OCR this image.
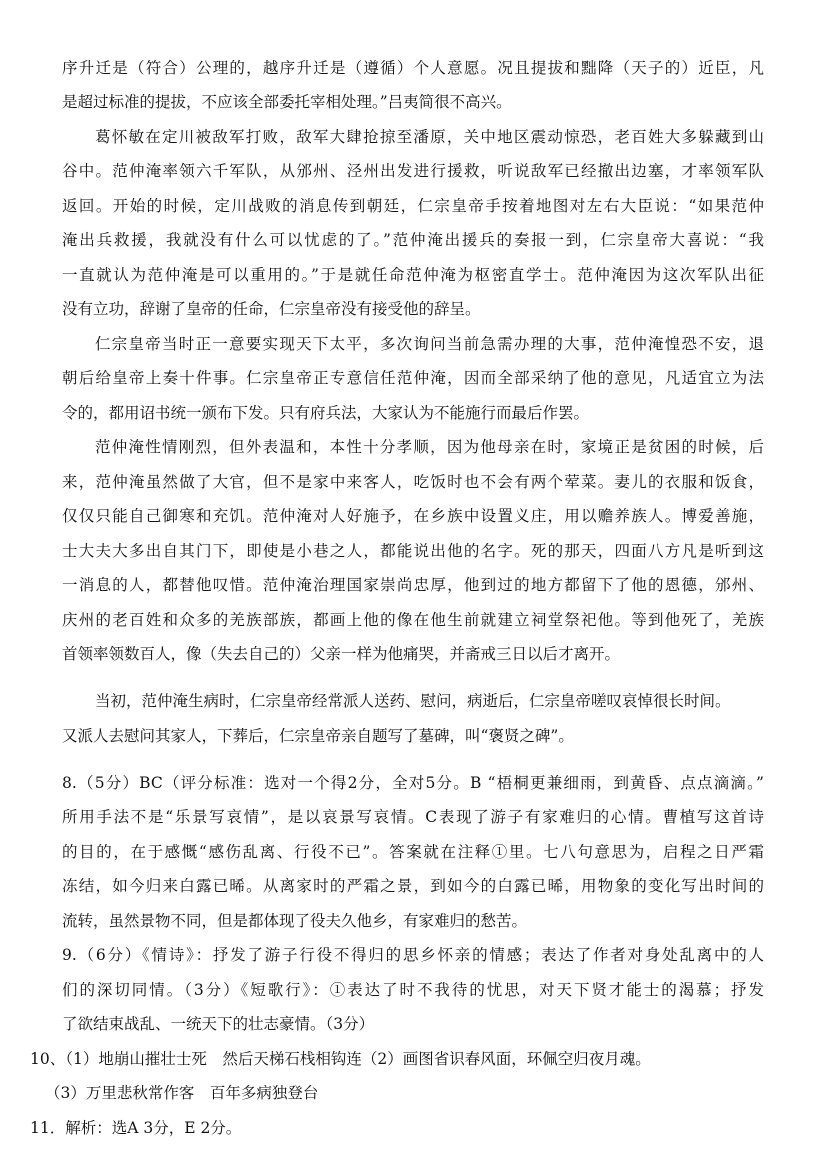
序升迁是（符合）公理的，越序升迁是（遵循）个人意愿。况且提拔和黜降（天子的）近臣，凡
是超过标准的提拔，不应该全部委托宰相处理。”吕夷简很不高兴。
葛怀敏在定川被敌军打败，敌军大肆抢掠至潘原，关中地区震动惊恐，老百姓大多躲藏到山
谷中。范仲淹率领六千军队，从邠州、泾州出发进行援救，听说敌军已经撤出边塞，才率领军队
返回。开始的时候，定川战败的消息传到朝廷，仁宗皇帝手按着地图对左右大臣说：“如果范仲
淹出兵救援，我就没有什么可以忧虑的了。”范仲淹出援兵的奏报一到，仁宗皇帝大喜说：“我
一直就认为范仲淹是可以重用的。”于是就任命范仲淹为枢密直学士。范仲淹因为这次军队出征
没有立功，辞谢了皇帝的任命，仁宗皇帝没有接受他的辞呈。
仁宗皇帝当时正一意要实现天下太平，多次询问当前急需办理的大事，范仲淹惶恐不安，退
朝后给皇帝上奏十件事。仁宗皇帝正专意信任范仲淹，因而全部采纳了他的意见，凡适宜立为法
令的，都用诏书统一颁布下发。只有府兵法，大家认为不能施行而最后作罢。
范仲淹性情刚烈，但外表温和，本性十分孝顺，因为他母亲在时，家境正是贫困的时候，后
来，范仲淹虽然做了大官，但不是家中来客人，吃饭时也不会有两个荤菜。妻儿的衣服和饭食，
仅仅只能自己御寒和充饥。范仲淹对人好施予，在乡族中设置义庄，用以赡养族人。博爱善施，
士大夫大多出自其门下，即使是小巷之人，都能说出他的名字。死的那天，四面八方凡是听到这
一消息的人，都替他叹惜。范仲淹治理国家崇尚忠厚，他到过的地方都留下了他的恩德，邠州、
庆州的老百姓和众多的羌族部族，都画上他的像在他生前就建立祠堂祭祀他。等到他死了，羌族
首领率领数百人，像（失去自己的）父亲一样为他痛哭，并斋戒三日以后才离开。
当初，范仲淹生病时，仁宗皇帝经常派人送药、慰问，病逝后，仁宗皇帝嗟叹哀悼很长时间。
又派人去慰问其家人，下葬后，仁宗皇帝亲自题写了墓碑，叫“褒贤之碑”。
8.（5分）BC（评分标准：选对一个得2分，全对5分。B “梧桐更兼细雨，到黄昏、点点滴滴。”
所用手法不是“乐景写哀情”，是以哀景写哀情。C表现了游子有家难归的心情。曹植写这首诗
的目的，在于感慨“感伤乱离、行役不已”。答案就在注释①里。七八句意思为，启程之日严霜
冻结，如今归来白露已晞。从离家时的严霜之景，到如今的白露已晞，用物象的变化写出时间的
流转，虽然景物不同，但是都体现了役夫久他乡，有家难归的愁苦。
9.（6分）《情诗》：抒发了游子行役不得归的思乡怀亲的情感；表达了作者对身处乱离中的人
们的深切同情。（3分）《短歌行》：①表达了时不我待的忧思，对天下贤才能士的渴慕；抒发
了欲结束战乱、一统天下的壮志豪情。（3分）
10、（1）地崩山摧壮士死　然后天梯石栈相钩连（2）画图省识春风面，环佩空归夜月魂。
（3）万里悲秋常作客　百年多病独登台
11．解析：选A 3分，E 2分。
